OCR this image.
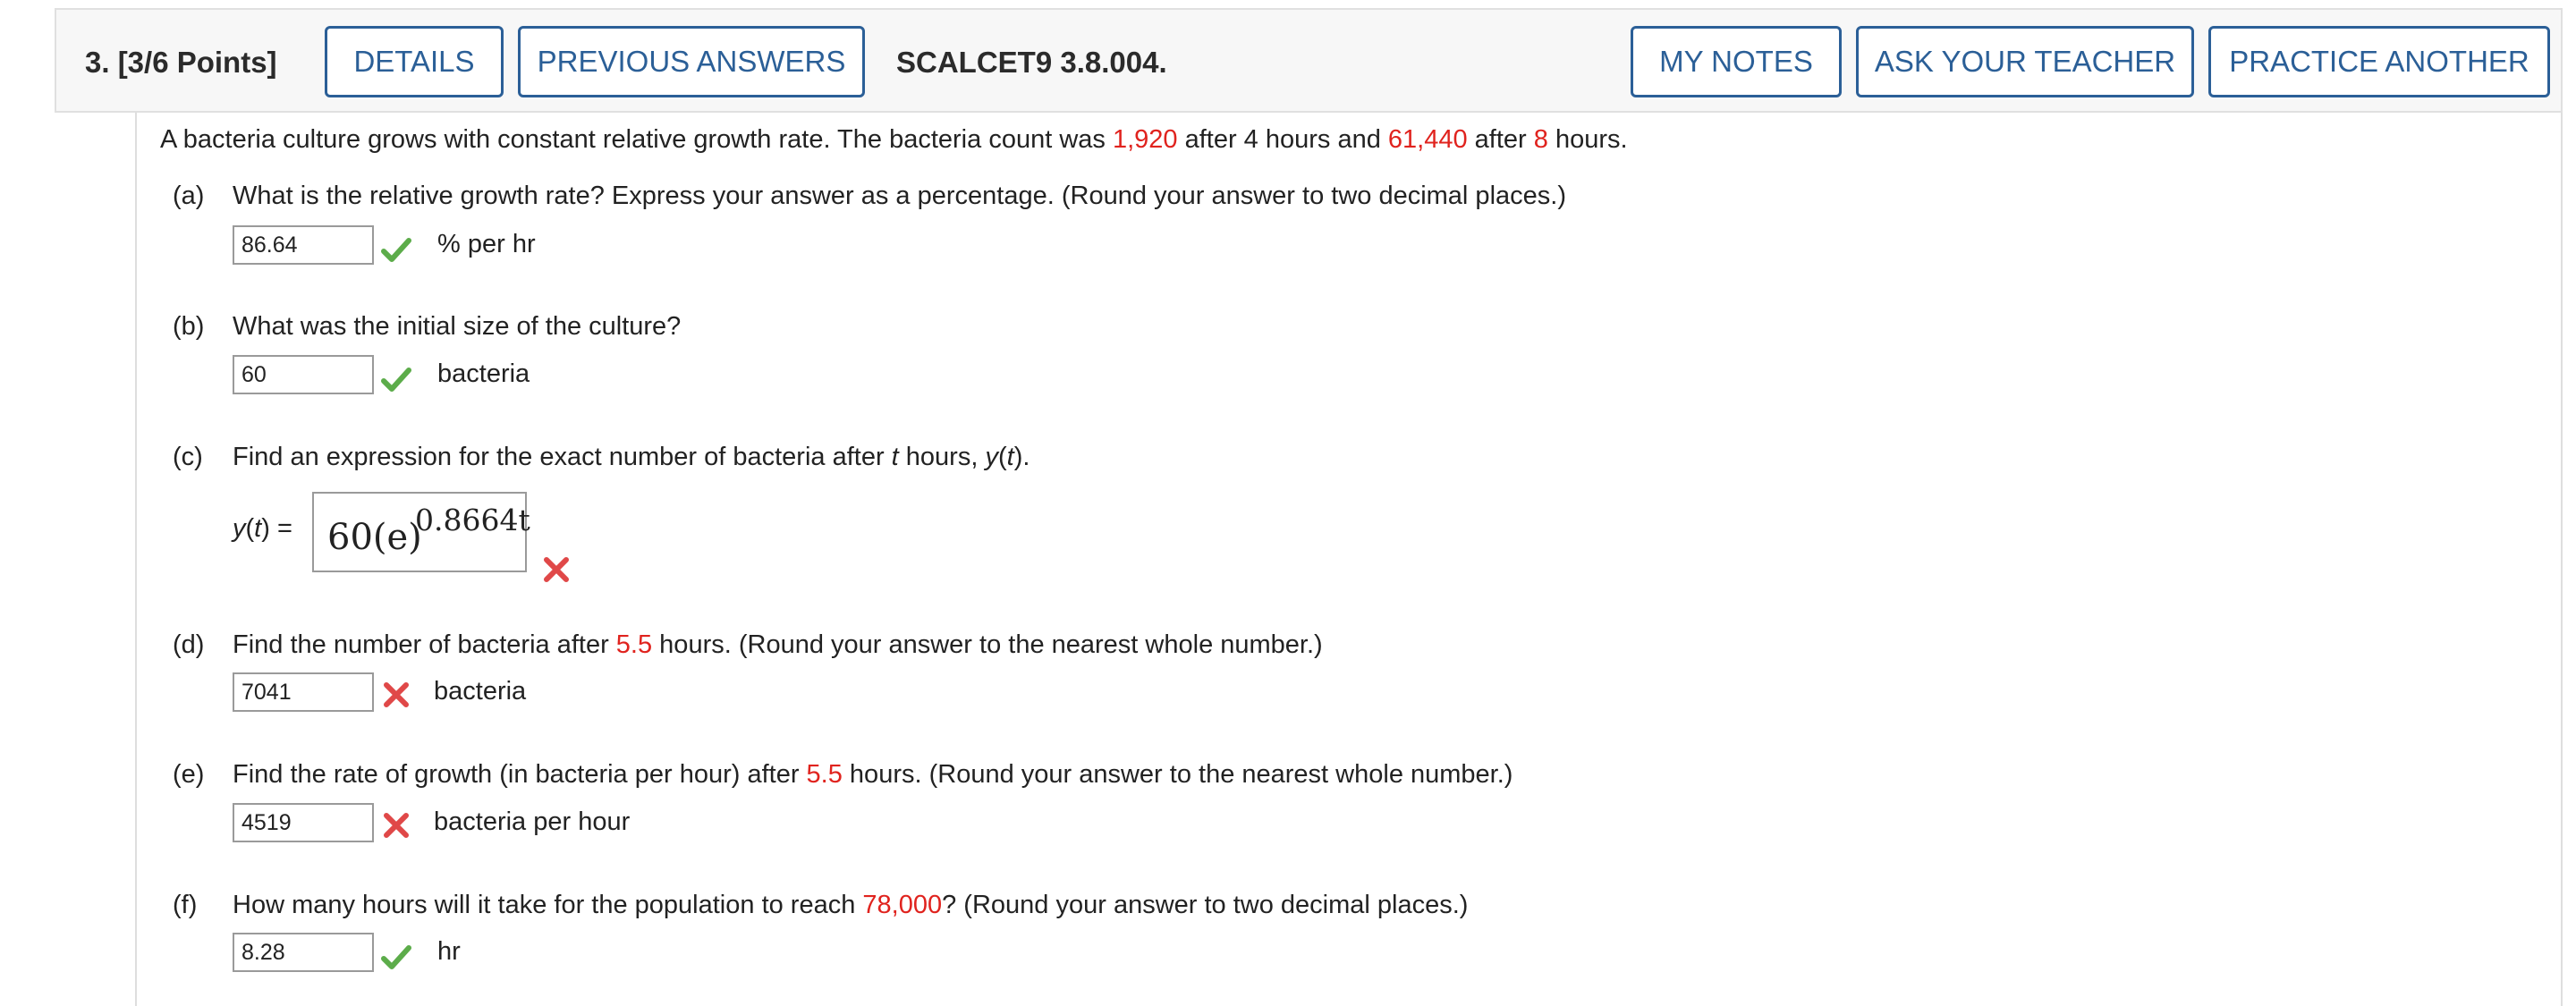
3. [3/6 Points]	DETAILS	PREVIOUS ANSWERS	SCALCET9 3.8.004.	MY NOTES	ASK YOUR TEACHER	PRACTICE ANOTHER
A bacteria culture grows with constant relative growth rate. The bacteria count was 1,920 after 4 hours and 61,440 after 8 hours.
(a) What is the relative growth rate? Express your answer as a percentage. (Round your answer to two decimal places.)
86.64	% per hr
(b) What was the initial size of the culture?
60	bacteria
(c) Find an expression for the exact number of bacteria after t hours, y(t).
y(t) = 60(e)
0.8664t
(d) Find the number of bacteria after 5.5 hours. (Round your answer to the nearest whole number.)
7041	bacteria
(e) Find the rate of growth (in bacteria per hour) after 5.5 hours. (Round your answer to the nearest whole number.)
4519	bacteria per hour
(f) How many hours will it take for the population to reach 78,000? (Round your answer to two decimal places.)
8.28	hr
